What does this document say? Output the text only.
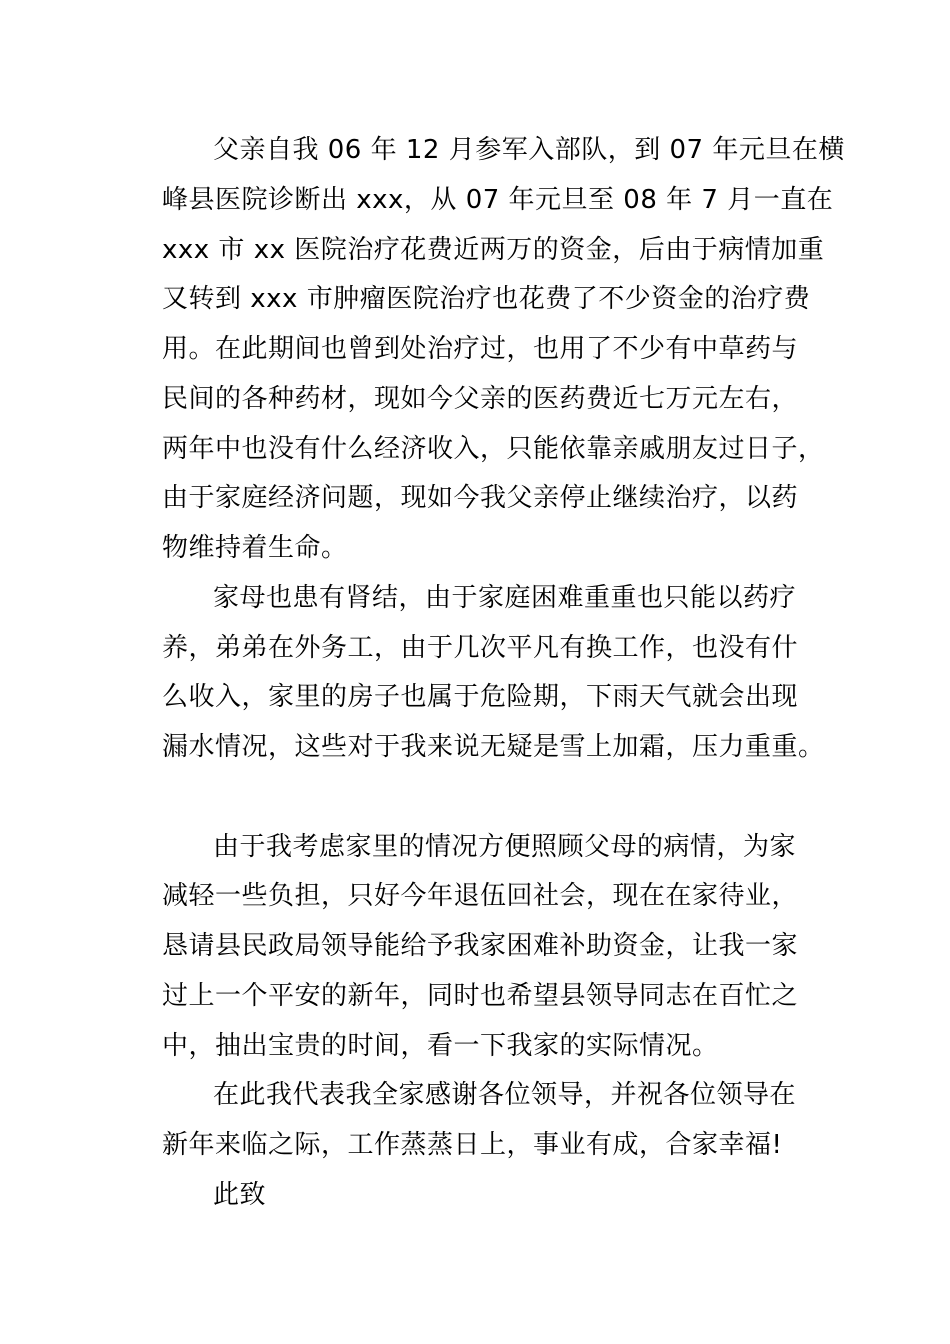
父亲自我 06 年 12 月参军入部队，到 07 年元旦在横
峰县医院诊断出 xxx，从 07 年元旦至 08 年 7 月一直在
xxx 市 xx 医院治疗花费近两万的资金，后由于病情加重
又转到 xxx 市肿瘤医院治疗也花费了不少资金的治疗费
用。在此期间也曾到处治疗过，也用了不少有中草药与
民间的各种药材，现如今父亲的医药费近七万元左右，
两年中也没有什么经济收入，只能依靠亲戚朋友过日子，
由于家庭经济问题，现如今我父亲停止继续治疗，以药
物维持着生命。
家母也患有肾结，由于家庭困难重重也只能以药疗
养，弟弟在外务工，由于几次平凡有换工作，也没有什
么收入，家里的房子也属于危险期，下雨天气就会出现
漏水情况，这些对于我来说无疑是雪上加霜，压力重重。
由于我考虑家里的情况方便照顾父母的病情，为家
减轻一些负担，只好今年退伍回社会，现在在家待业，
恳请县民政局领导能给予我家困难补助资金，让我一家
过上一个平安的新年，同时也希望县领导同志在百忙之
中，抽出宝贵的时间，看一下我家的实际情况。
在此我代表我全家感谢各位领导，并祝各位领导在
新年来临之际，工作蒸蒸日上，事业有成，合家幸福!
此致
